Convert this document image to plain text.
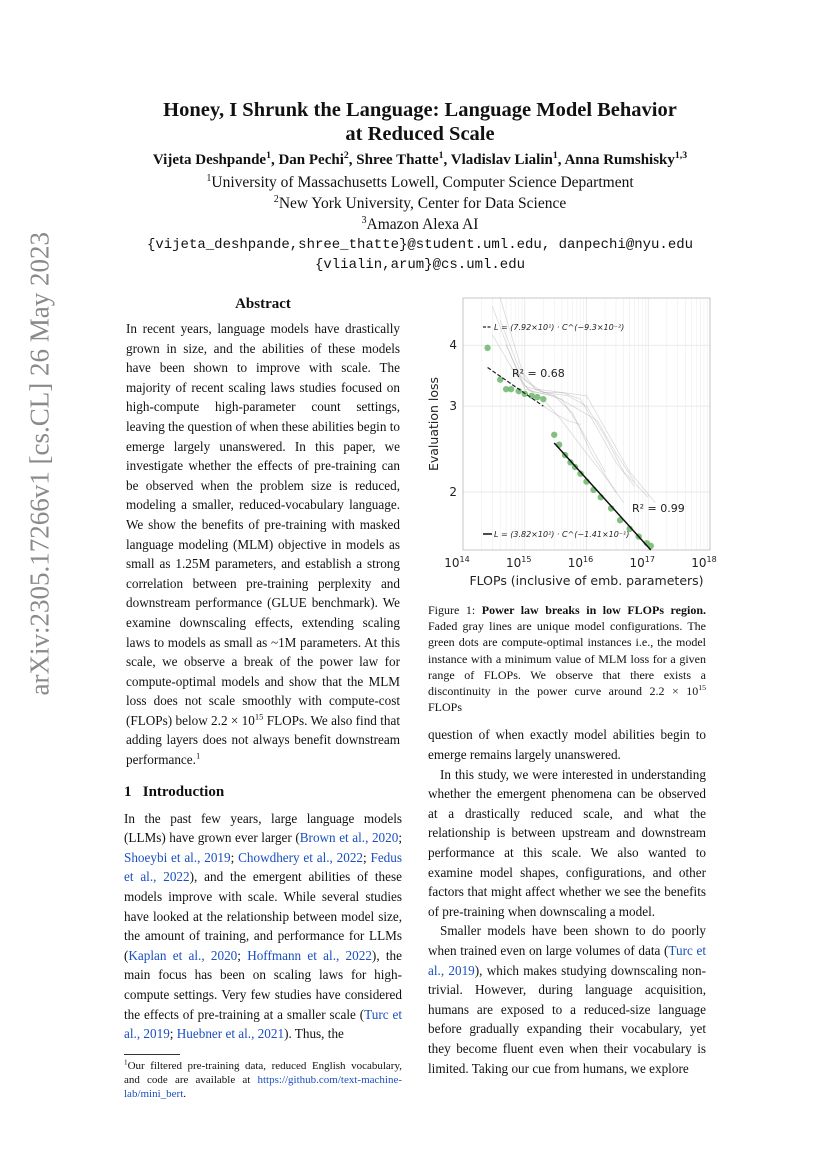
arXiv:2305.17266v1 [cs.CL] 26 May 2023
Honey, I Shrunk the Language: Language Model Behavior
at Reduced Scale
Vijeta Deshpande$^1$, Dan Pechi$^2$, Shree Thatte$^1$, Vladislav Lialin$^1$, Anna Rumshisky$^{1,3}$
$^1$University of Massachusetts Lowell, Computer Science Department
$^2$New York University, Center for Data Science
$^3$Amazon Alexa AI
{vijeta_deshpande,shree_thatte}@student.uml.edu, danpechi@nyu.edu
{vlialin,arum}@cs.uml.edu
Abstract
In recent years, language models have drastically grown in size, and the abilities of these models have been shown to improve with scale. The majority of recent scaling laws studies focused on high-compute high-parameter count settings, leaving the question of when these abilities begin to emerge largely unanswered. In this paper, we investigate whether the effects of pre-training can be observed when the problem size is reduced, modeling a smaller, reduced-vocabulary language. We show the benefits of pre-training with masked language modeling (MLM) objective in models as small as 1.25M parameters, and establish a strong correlation between pre-training perplexity and downstream performance (GLUE benchmark). We examine downscaling effects, extending scaling laws to models as small as ~1M parameters. At this scale, we observe a break of the power law for compute-optimal models and show that the MLM loss does not scale smoothly with compute-cost (FLOPs) below $2.2 \times 10^{15}$ FLOPs. We also find that adding layers does not always benefit downstream performance.$^1$
1   Introduction
In the past few years, large language models (LLMs) have grown ever larger (Brown et al., 2020; Shoeybi et al., 2019; Chowdhery et al., 2022; Fedus et al., 2022), and the emergent abilities of these models improve with scale. While several studies have looked at the relationship between model size, the amount of training, and performance for LLMs (Kaplan et al., 2020; Hoffmann et al., 2022), the main focus has been on scaling laws for high-compute settings. Very few studies have considered the effects of pre-training at a smaller scale (Turc et al., 2019; Huebner et al., 2021). Thus, the
$^1$Our filtered pre-training data, reduced English vocabulary, and code are available at https://github.com/text-machine-lab/mini_bert.
$10^{14}$	$10^{15}$	$10^{16}$	$10^{17}$	$10^{18}$
4
3
2
L = (7.92×10¹) · C^(−9.3×10⁻²)
L = (3.82×10²) · C^(−1.41×10⁻¹)
R² = 0.68
R² = 0.99
FLOPs (inclusive of emb. parameters)
Evaluation loss
Figure 1: Power law breaks in low FLOPs region. Faded gray lines are unique model configurations. The green dots are compute-optimal instances i.e., the model instance with a minimum value of MLM loss for a given range of FLOPs. We observe that there exists a discontinuity in the power curve around $2.2 \times 10^{15}$ FLOPs

question of when exactly model abilities begin to emerge remains largely unanswered.

In this study, we were interested in understanding whether the emergent phenomena can be observed at a drastically reduced scale, and what the relationship is between upstream and downstream performance at this scale. We also wanted to examine model shapes, configurations, and other factors that might affect whether we see the benefits of pre-training when downscaling a model.

Smaller models have been shown to do poorly when trained even on large volumes of data (Turc et al., 2019), which makes studying downscaling non-trivial. However, during language acquisition, humans are exposed to a reduced-size language before gradually expanding their vocabulary, yet they become fluent even when their vocabulary is limited. Taking our cue from humans, we explore
